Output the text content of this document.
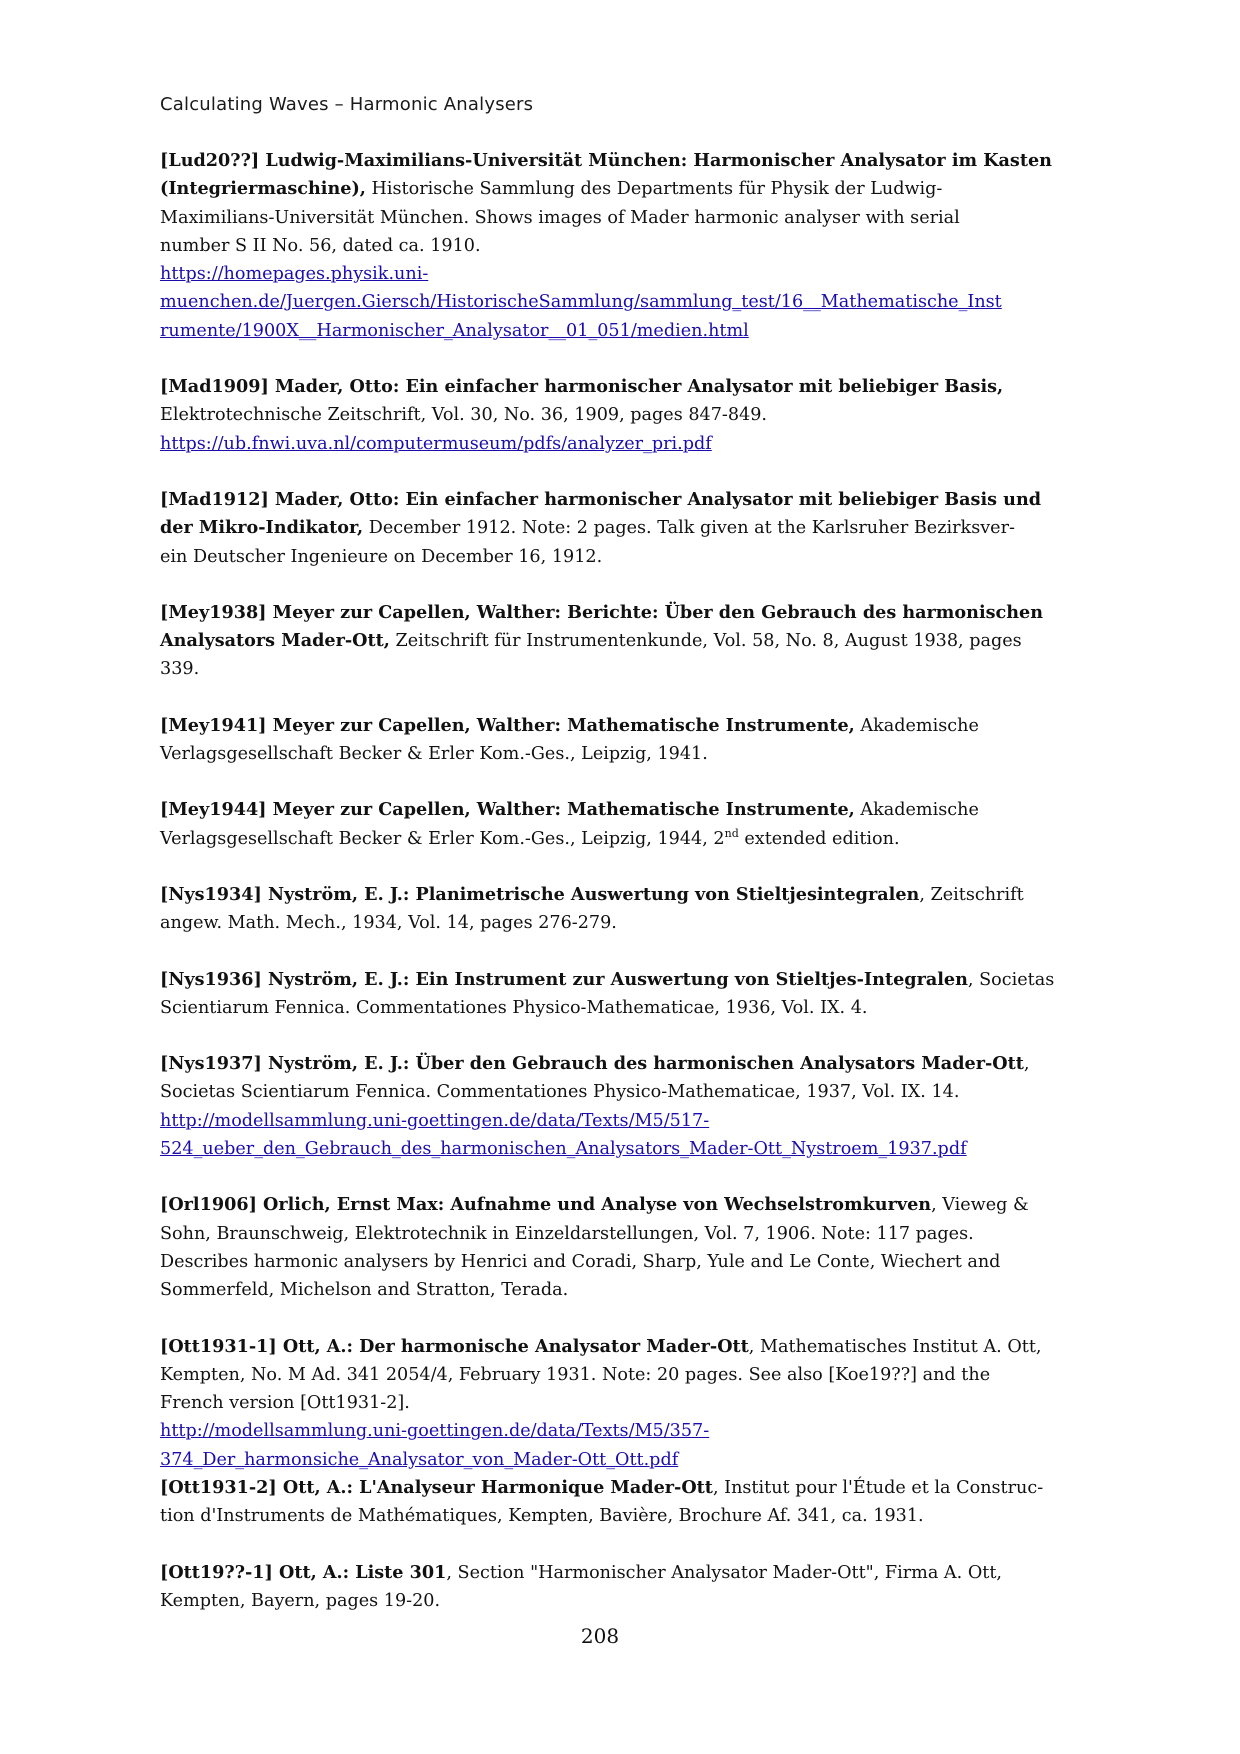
Calculating Waves – Harmonic Analysers
[Lud20??] Ludwig-Maximilians-Universität München: Harmonischer Analysator im Kasten
(Integriermaschine), Historische Sammlung des Departments für Physik der Ludwig-
Maximilians-Universität München. Shows images of Mader harmonic analyser with serial
number S II No. 56, dated ca. 1910.
https://homepages.physik.uni-
muenchen.de/Juergen.Giersch/HistorischeSammlung/sammlung_test/16__Mathematische_Inst
rumente/1900X__Harmonischer_Analysator__01_051/medien.html
[Mad1909] Mader, Otto: Ein einfacher harmonischer Analysator mit beliebiger Basis,
Elektrotechnische Zeitschrift, Vol. 30, No. 36, 1909, pages 847-849.
https://ub.fnwi.uva.nl/computermuseum/pdfs/analyzer_pri.pdf
[Mad1912] Mader, Otto: Ein einfacher harmonischer Analysator mit beliebiger Basis und
der Mikro-Indikator, December 1912. Note: 2 pages. Talk given at the Karlsruher Bezirksver-
ein Deutscher Ingenieure on December 16, 1912.
[Mey1938] Meyer zur Capellen, Walther: Berichte: Über den Gebrauch des harmonischen
Analysators Mader-Ott, Zeitschrift für Instrumentenkunde, Vol. 58, No. 8, August 1938, pages
339.
[Mey1941] Meyer zur Capellen, Walther: Mathematische Instrumente, Akademische
Verlagsgesellschaft Becker & Erler Kom.-Ges., Leipzig, 1941.
[Mey1944] Meyer zur Capellen, Walther: Mathematische Instrumente, Akademische
Verlagsgesellschaft Becker & Erler Kom.-Ges., Leipzig, 1944, 2nd extended edition.
[Nys1934] Nyström, E. J.: Planimetrische Auswertung von Stieltjesintegralen, Zeitschrift
angew. Math. Mech., 1934, Vol. 14, pages 276-279.
[Nys1936] Nyström, E. J.: Ein Instrument zur Auswertung von Stieltjes-Integralen, Societas
Scientiarum Fennica. Commentationes Physico-Mathematicae, 1936, Vol. IX. 4.
[Nys1937] Nyström, E. J.: Über den Gebrauch des harmonischen Analysators Mader-Ott,
Societas Scientiarum Fennica. Commentationes Physico-Mathematicae, 1937, Vol. IX. 14.
http://modellsammlung.uni-goettingen.de/data/Texts/M5/517-
524_ueber_den_Gebrauch_des_harmonischen_Analysators_Mader-Ott_Nystroem_1937.pdf
[Orl1906] Orlich, Ernst Max: Aufnahme und Analyse von Wechselstromkurven, Vieweg &
Sohn, Braunschweig, Elektrotechnik in Einzeldarstellungen, Vol. 7, 1906. Note: 117 pages.
Describes harmonic analysers by Henrici and Coradi, Sharp, Yule and Le Conte, Wiechert and
Sommerfeld, Michelson and Stratton, Terada.
[Ott1931-1] Ott, A.: Der harmonische Analysator Mader-Ott, Mathematisches Institut A. Ott,
Kempten, No. M Ad. 341 2054/4, February 1931. Note: 20 pages. See also [Koe19??] and the
French version [Ott1931-2].
http://modellsammlung.uni-goettingen.de/data/Texts/M5/357-
374_Der_harmonsiche_Analysator_von_Mader-Ott_Ott.pdf
[Ott1931-2] Ott, A.: L'Analyseur Harmonique Mader-Ott, Institut pour l'Étude et la Construc-
tion d'Instruments de Mathématiques, Kempten, Bavière, Brochure Af. 341, ca. 1931.
[Ott19??-1] Ott, A.: Liste 301, Section "Harmonischer Analysator Mader-Ott", Firma A. Ott,
Kempten, Bayern, pages 19-20.
208
